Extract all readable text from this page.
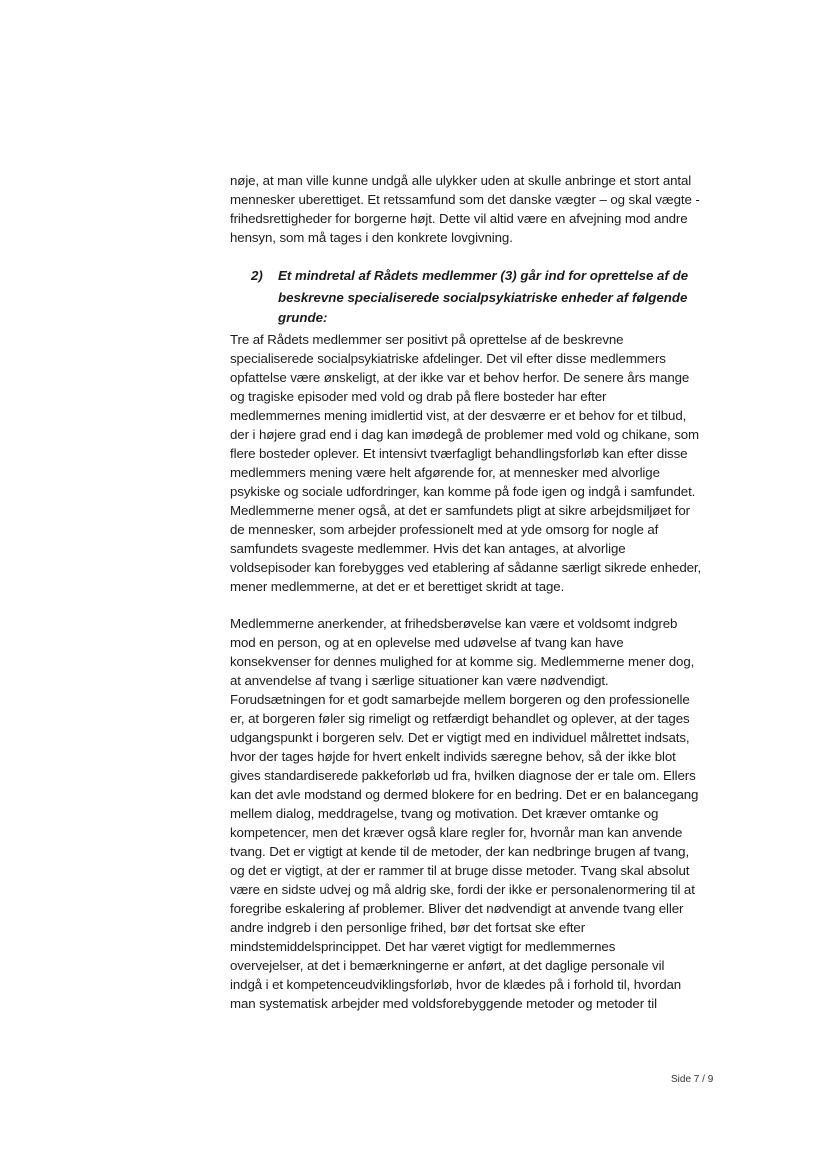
nøje, at man ville kunne undgå alle ulykker uden at skulle anbringe et stort antal
mennesker uberettiget. Et retssamfund som det danske vægter – og skal vægte -
frihedsrettigheder for borgerne højt. Dette vil altid være en afvejning mod andre
hensyn, som må tages i den konkrete lovgivning.
2) Et mindretal af Rådets medlemmer (3) går ind for oprettelse af de
beskrevne specialiserede socialpsykiatriske enheder af følgende
grunde:
Tre af Rådets medlemmer ser positivt på oprettelse af de beskrevne
specialiserede socialpsykiatriske afdelinger. Det vil efter disse medlemmers
opfattelse være ønskeligt, at der ikke var et behov herfor. De senere års mange
og tragiske episoder med vold og drab på flere bosteder har efter
medlemmernes mening imidlertid vist, at der desværre er et behov for et tilbud,
der i højere grad end i dag kan imødegå de problemer med vold og chikane, som
flere bosteder oplever. Et intensivt tværfagligt behandlingsforløb kan efter disse
medlemmers mening være helt afgørende for, at mennesker med alvorlige
psykiske og sociale udfordringer, kan komme på fode igen og indgå i samfundet.
Medlemmerne mener også, at det er samfundets pligt at sikre arbejdsmiljøet for
de mennesker, som arbejder professionelt med at yde omsorg for nogle af
samfundets svageste medlemmer. Hvis det kan antages, at alvorlige
voldsepisoder kan forebygges ved etablering af sådanne særligt sikrede enheder,
mener medlemmerne, at det er et berettiget skridt at tage.
Medlemmerne anerkender, at frihedsberøvelse kan være et voldsomt indgreb
mod en person, og at en oplevelse med udøvelse af tvang kan have
konsekvenser for dennes mulighed for at komme sig. Medlemmerne mener dog,
at anvendelse af tvang i særlige situationer kan være nødvendigt.
Forudsætningen for et godt samarbejde mellem borgeren og den professionelle
er, at borgeren føler sig rimeligt og retfærdigt behandlet og oplever, at der tages
udgangspunkt i borgeren selv. Det er vigtigt med en individuel målrettet indsats,
hvor der tages højde for hvert enkelt individs særegne behov, så der ikke blot
gives standardiserede pakkeforløb ud fra, hvilken diagnose der er tale om. Ellers
kan det avle modstand og dermed blokere for en bedring. Det er en balancegang
mellem dialog, meddragelse, tvang og motivation. Det kræver omtanke og
kompetencer, men det kræver også klare regler for, hvornår man kan anvende
tvang. Det er vigtigt at kende til de metoder, der kan nedbringe brugen af tvang,
og det er vigtigt, at der er rammer til at bruge disse metoder. Tvang skal absolut
være en sidste udvej og må aldrig ske, fordi der ikke er personalenormering til at
foregribe eskalering af problemer. Bliver det nødvendigt at anvende tvang eller
andre indgreb i den personlige frihed, bør det fortsat ske efter
mindstemiddelsprincippet. Det har været vigtigt for medlemmernes
overvejelser, at det i bemærkningerne er anført, at det daglige personale vil
indgå i et kompetenceudviklingsforløb, hvor de klædes på i forhold til, hvordan
man systematisk arbejder med voldsforebyggende metoder og metoder til
Side 7 / 9
